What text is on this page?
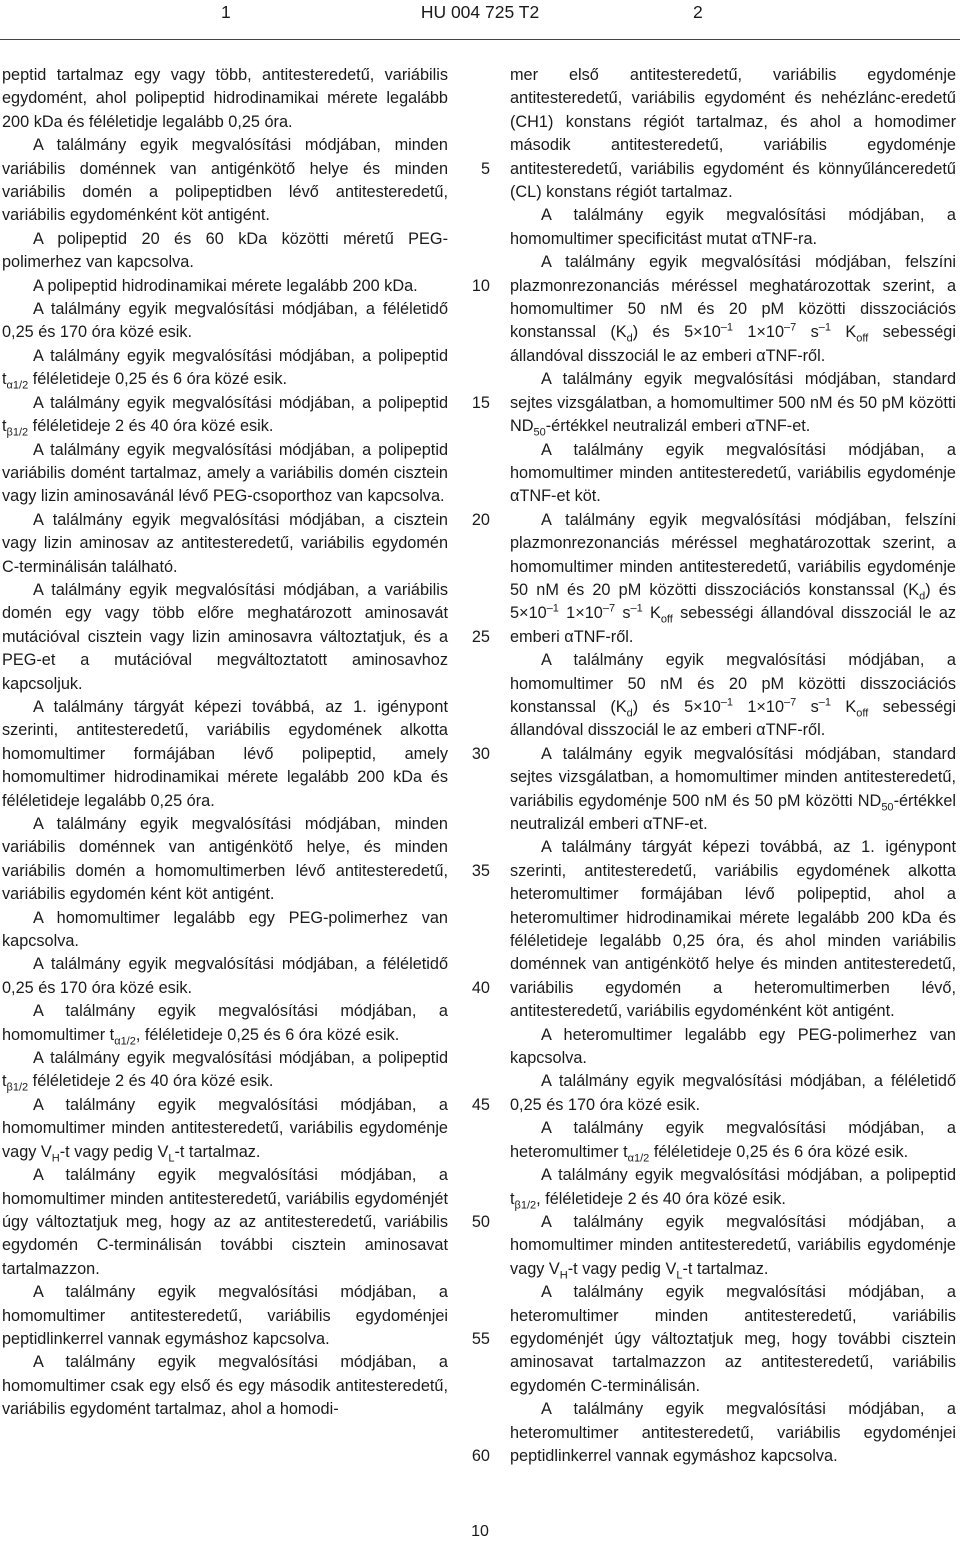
1	HU 004 725 T2	2

peptid tartalmaz egy vagy több, antitesteredetű, variábilis egydomént, ahol polipeptid hidrodinamikai mérete legalább 200 kDa és féléletidje legalább 0,25 óra.

A találmány egyik megvalósítási módjában, minden variábilis doménnek van antigénkötő helye és minden variábilis domén a polipeptidben lévő antitesteredetű, variábilis egydoménként köt antigént.

A polipeptid 20 és 60 kDa közötti méretű PEG-polimerhez van kapcsolva.

A polipeptid hidrodinamikai mérete legalább 200 kDa.

A találmány egyik megvalósítási módjában, a féléletidő 0,25 és 170 óra közé esik.

A találmány egyik megvalósítási módjában, a polipeptid $t_{\alpha 1/2}$ féléletideje 0,25 és 6 óra közé esik.

A találmány egyik megvalósítási módjában, a polipeptid $t_{\beta 1/2}$ féléletideje 2 és 40 óra közé esik.

A találmány egyik megvalósítási módjában, a polipeptid variábilis domént tartalmaz, amely a variábilis domén cisztein vagy lizin aminosavánál lévő PEG-csoporthoz van kapcsolva.

A találmány egyik megvalósítási módjában, a cisztein vagy lizin aminosav az antitesteredetű, variábilis egydomén C-terminálisán található.

A találmány egyik megvalósítási módjában, a variábilis domén egy vagy több előre meghatározott aminosavát mutációval cisztein vagy lizin aminosavra változtatjuk, és a PEG-et a mutációval megváltoztatott aminosavhoz kapcsoljuk.

A találmány tárgyát képezi továbbá, az 1. igénypont szerinti, antitesteredetű, variábilis egydomének alkotta homomultimer formájában lévő polipeptid, amely homomultimer hidrodinamikai mérete legalább 200 kDa és féléletideje legalább 0,25 óra.

A találmány egyik megvalósítási módjában, minden variábilis doménnek van antigénkötő helye, és minden variábilis domén a homomultimerben lévő antitesteredetű, variábilis egydomén ként köt antigént.

A homomultimer legalább egy PEG-polimerhez van kapcsolva.

A találmány egyik megvalósítási módjában, a féléletidő 0,25 és 170 óra közé esik.

A találmány egyik megvalósítási módjában, a homomultimer $t_{\alpha 1/2}$, féléletideje 0,25 és 6 óra közé esik.

A találmány egyik megvalósítási módjában, a polipeptid $t_{\beta 1/2}$ féléletideje 2 és 40 óra közé esik.

A találmány egyik megvalósítási módjában, a homomultimer minden antitesteredetű, variábilis egydoménje vagy $V_H-t$ vagy pedig $V_L-t$ tartalmaz.

A találmány egyik megvalósítási módjában, a homomultimer minden antitesteredetű, variábilis egydoménjét úgy változtatjuk meg, hogy az az antitesteredetű, variábilis egydomén C-terminálisán további cisztein aminosavat tartalmazzon.

A találmány egyik megvalósítási módjában, a homomultimer antitesteredetű, variábilis egydoménjei peptidlinkerrel vannak egymáshoz kapcsolva.

A találmány egyik megvalósítási módjában, a homomultimer csak egy első és egy második antitesteredetű, variábilis egydomént tartalmaz, ahol a homodi-

5
10
15
20
25
30
35
40
45
50
55
60

mer első antitesteredetű, variábilis egydoménje antitesteredetű, variábilis egydomént és nehézlánc-eredetű (CH1) konstans régiót tartalmaz, és ahol a homodimer második antitesteredetű, variábilis egydoménje antitesteredetű, variábilis egydomént és könnyűlánceredetű (CL) konstans régiót tartalmaz.

A találmány egyik megvalósítási módjában, a homomultimer specificitást mutat αTNF-ra.

A találmány egyik megvalósítási módjában, felszíni plazmonrezonanciás méréssel meghatározottak szerint, a homomultimer 50 nM és 20 pM közötti disszociációs konstanssal $(K_d)$ és $5\times 10^{-1}$ $1\times 10^{-7}$ $s^{-1}$ $K_{off}$ sebességi állandóval disszociál le az emberi αTNF-ről.

A találmány egyik megvalósítási módjában, standard sejtes vizsgálatban, a homomultimer 500 nM és 50 pM közötti $ND_{50}$-értékkel neutralizál emberi αTNF-et.

A találmány egyik megvalósítási módjában, a homomultimer minden antitesteredetű, variábilis egydoménje αTNF-et köt.

A találmány egyik megvalósítási módjában, felszíni plazmonrezonanciás méréssel meghatározottak szerint, a homomultimer minden antitesteredetű, variábilis egydoménje 50 nM és 20 pM közötti disszociációs konstanssal $(K_d)$ és $5\times 10^{-1}$ $1\times 10^{-7}$ $s^{-1}$ $K_{off}$ sebességi állandóval disszociál le az emberi αTNF-ről.

A találmány egyik megvalósítási módjában, a homomultimer 50 nM és 20 pM közötti disszociációs konstanssal $(K_d)$ és $5\times 10^{-1}$ $1\times 10^{-7}$ $s^{-1}$ $K_{off}$ sebességi állandóval disszociál le az emberi αTNF-ről.

A találmány egyik megvalósítási módjában, standard sejtes vizsgálatban, a homomultimer minden antitesteredetű, variábilis egydoménje 500 nM és 50 pM közötti $ND_{50}$-értékkel neutralizál emberi αTNF-et.

A találmány tárgyát képezi továbbá, az 1. igénypont szerinti, antitesteredetű, variábilis egydomének alkotta heteromultimer formájában lévő polipeptid, ahol a heteromultimer hidrodinamikai mérete legalább 200 kDa és féléletideje legalább 0,25 óra, és ahol minden variábilis doménnek van antigénkötő helye és minden antitesteredetű, variábilis egydomén a heteromultimerben lévő, antitesteredetű, variábilis egydoménként köt antigént.

A heteromultimer legalább egy PEG-polimerhez van kapcsolva.

A találmány egyik megvalósítási módjában, a féléletidő 0,25 és 170 óra közé esik.

A találmány egyik megvalósítási módjában, a heteromultimer $t_{\alpha 1/2}$ féléletideje 0,25 és 6 óra közé esik.

A találmány egyik megvalósítási módjában, a polipeptid $t_{\beta 1/2}$, féléletideje 2 és 40 óra közé esik.

A találmány egyik megvalósítási módjában, a homomultimer minden antitesteredetű, variábilis egydoménje vagy $V_H-t$ vagy pedig $V_L-t$ tartalmaz.

A találmány egyik megvalósítási módjában, a heteromultimer minden antitesteredetű, variábilis egydoménjét úgy változtatjuk meg, hogy további cisztein aminosavat tartalmazzon az antitesteredetű, variábilis egydomén C-terminálisán.

A találmány egyik megvalósítási módjában, a heteromultimer antitesteredetű, variábilis egydoménjei peptidlinkerrel vannak egymáshoz kapcsolva.

10
